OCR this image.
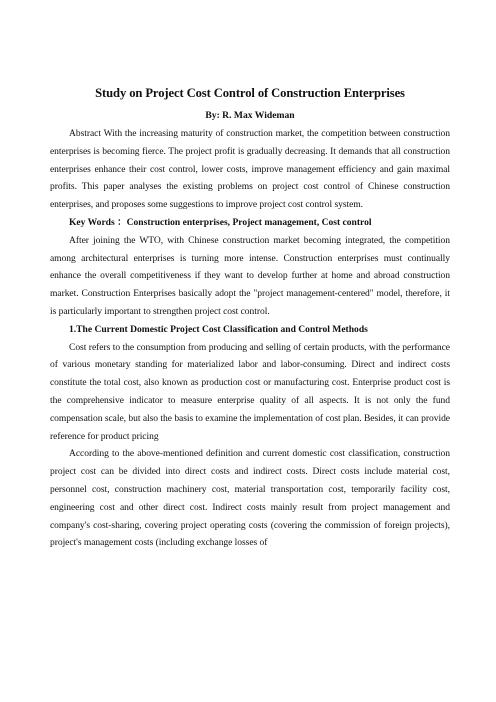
Study on Project Cost Control of Construction Enterprises
By: R. Max Wideman

Abstract With the increasing maturity of construction market, the competition between construction enterprises is becoming fierce. The project profit is gradually decreasing. It demands that all construction enterprises enhance their cost control, lower costs, improve management efficiency and gain maximal profits. This paper analyses the existing problems on project cost control of Chinese construction enterprises, and proposes some suggestions to improve project cost control system.

Key Words ：Construction enterprises, Project management, Cost control

After joining the WTO, with Chinese construction market becoming integrated, the competition among architectural enterprises is turning more intense. Construction enterprises must continually enhance the overall competitiveness if they want to develop further at home and abroad construction market. Construction Enterprises basically adopt the "project management-centered" model, therefore, it is particularly important to strengthen project cost control.

1.The Current Domestic Project Cost Classification and Control Methods

Cost refers to the consumption from producing and selling of certain products, with the performance of various monetary standing for materialized labor and labor-consuming. Direct and indirect costs constitute the total cost, also known as production cost or manufacturing cost. Enterprise product cost is the comprehensive indicator to measure enterprise quality of all aspects. It is not only the fund compensation scale, but also the basis to examine the implementation of cost plan. Besides, it can provide reference for product pricing

According to the above-mentioned definition and current domestic cost classification, construction project cost can be divided into direct costs and indirect costs. Direct costs include material cost, personnel cost, construction machinery cost, material transportation cost, temporarily facility cost, engineering cost and other direct cost. Indirect costs mainly result from project management and company's cost-sharing, covering project operating costs (covering the commission of foreign projects), project's management costs (including exchange losses of
